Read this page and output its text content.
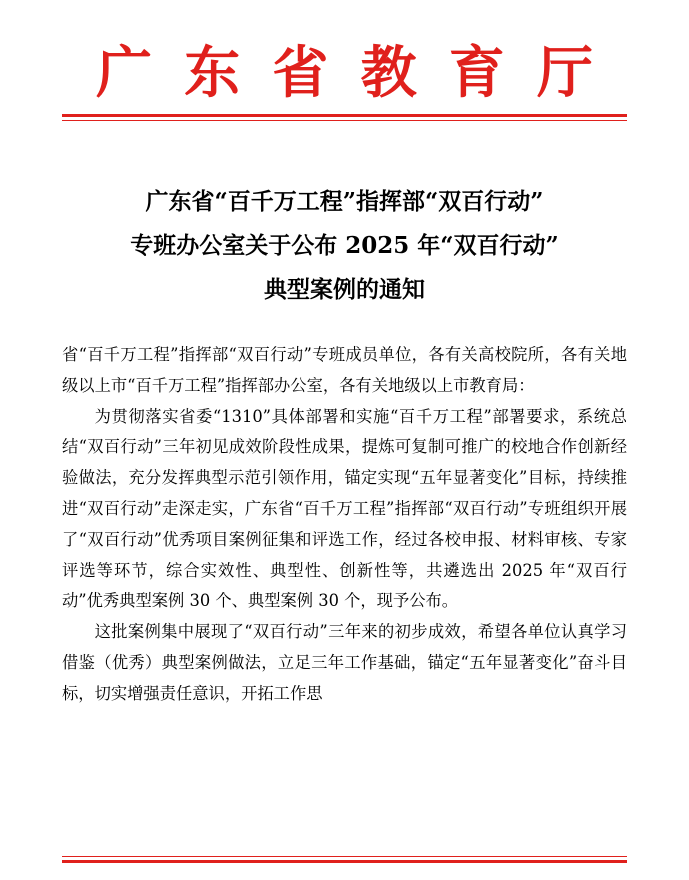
广 东 省 教 育 厅
广东省“百千万工程”指挥部“双百行动”
专班办公室关于公布 2025 年“双百行动”
典型案例的通知

省“百千万工程”指挥部“双百行动”专班成员单位，各有关高校院所，各有关地级以上市“百千万工程”指挥部办公室，各有关地级以上市教育局：

为贯彻落实省委“1310”具体部署和实施“百千万工程”部署要求，系统总结“双百行动”三年初见成效阶段性成果，提炼可复制可推广的校地合作创新经验做法，充分发挥典型示范引领作用，锚定实现“五年显著变化”目标，持续推进“双百行动”走深走实，广东省“百千万工程”指挥部“双百行动”专班组织开展了“双百行动”优秀项目案例征集和评选工作，经过各校申报、材料审核、专家评选等环节，综合实效性、典型性、创新性等，共遴选出 2025 年“双百行动”优秀典型案例 30 个、典型案例 30 个，现予公布。

这批案例集中展现了“双百行动”三年来的初步成效，希望各单位认真学习借鉴（优秀）典型案例做法，立足三年工作基础，锚定“五年显著变化”奋斗目标，切实增强责任意识，开拓工作思
